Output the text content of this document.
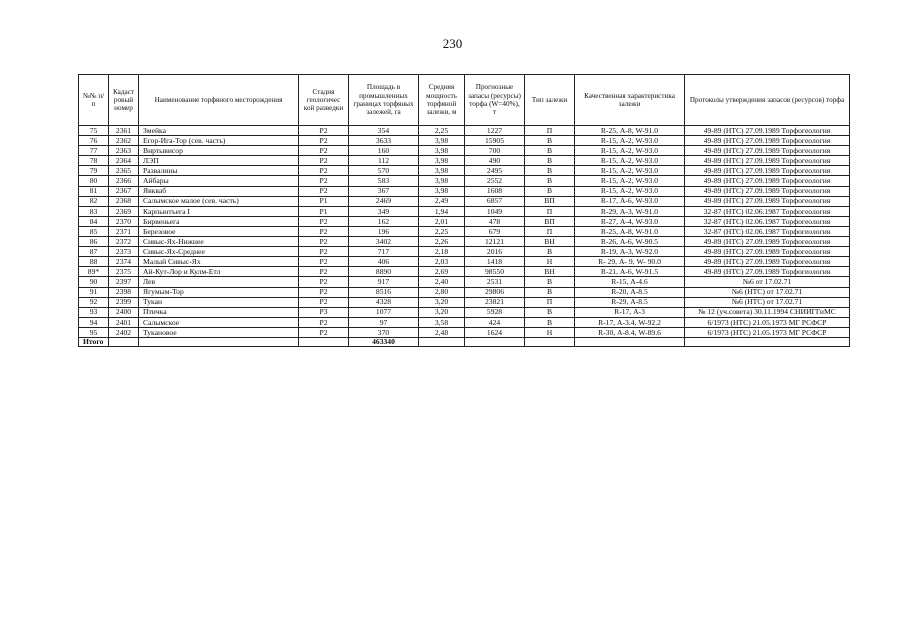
230
№№ п/п	Кадаст ровый номер	Наименование торфяного месторождения	Стадия геологичес кой разведки	Площадь в промышленных границах торфяных залежей, га	Средняя мощность торфяной залежи, м	Прогнозные запасы (ресурсы) торфа (W=40%), т	Тип залежи	Качественная характеристика залежи	Протоколы утверждения запасов (ресурсов) торфа
75	2361	Змейка	Р2	354	2,25	1227	П	R-25, А-8, W-91.0	49-89 (НТС) 27.09.1989 Торфогеология
76	2362	Егор-Ига-Тор (сев. часть)	Р2	3633	3,98	15905	В	R-15, А-2, W-93.0	49-89 (НТС) 27.09.1989 Торфогеология
77	2363	Виртывисор	Р2	160	3,98	700	В	R-15, А-2, W-93.0	49-89 (НТС) 27.09.1989 Торфогеология
78	2364	ЛЭП	Р2	112	3,98	490	В	R-15, А-2, W-93.0	49-89 (НТС) 27.09.1989 Торфогеология
79	2365	Развалины	Р2	570	3,98	2495	В	R-15, А-2, W-93.0	49-89 (НТС) 27.09.1989 Торфогеология
80	2366	Айбары	Р2	583	3,98	2552	В	R-15, А-2, W-93.0	49-89 (НТС) 27.09.1989 Торфогеология
81	2367	Явкваб	Р2	367	3,98	1608	В	R-15, А-2, W-93.0	49-89 (НТС) 27.09.1989 Торфогеология
82	2368	Салымское малое (сев. часть)	Р1	2469	2,49	6857	ВП	R-17, А-6, W-93.0	49-89 (НТС) 27.09.1989 Торфогеология
83	2369	Карпынтъега I	Р1	349	1,94	1049	П	R-29, А-3, W-91.0	32-87 (НТС) 02.06.1987 Торфогеология
84	2370	Бирвеньега	Р2	162	2,01	478	ВП	R-27, А-4, W-93.0	32-87 (НТС) 02.06.1987 Торфогеология
85	2371	Березовое	Р2	196	2,25	679	П	R-25, А-8, W-91.0	32-87 (НТС) 02.06.1987 Торфогеология
86	2372	Сивыс-Ях-Нижнее	Р2	3402	2,26	12121	ВН	R-26, А-6, W-90.5	49-89 (НТС) 27.09.1989 Торфогеология
87	2373	Сивыс-Ях-Среднее	Р2	717	2,18	2016	В	R-19, А-3, W-92.0	49-89 (НТС) 27.09.1989 Торфогеология
88	2374	Малый Сивыс-Ях	Р2	406	2,03	1418	Н	R- 29, А- 9, W- 90.0	49-89 (НТС) 27.09.1989 Торфогеология
89*	2375	Ай-Кут-Лор и Кулм-Етл	Р2	8890	2,69	98550	ВН	R-21, А-6, W-91.5	49-89 (НТС) 27.09.1989 Торфогеология
90	2397	Лев	Р2	917	2,40	2531	В	R-15, А-4.6	№6 от 17.02.71
91	2398	Ягумым-Тор	Р2	8516	2,80	29806	В	R-20, А-8.5	№6 (НТС) от 17.02.71
92	2399	Тукан	Р2	4328	3,20	23821	П	R-29, А-8.5	№6 (НТС) от 17.02.71
93	2400	Птичка	Р3	1077	3,20	5928	В	R-17, А-3	№ 12 (уч.совета) 30.11.1994 СНИИГГиМС
94	2401	Салымское	Р2	97	3,58	424	В	R-17, А-3.4, W-92.2	6/1973 (НТС) 21.05.1973 МГ РСФСР
95	2402	Тукановое	Р2	370	2,48	1624	Н	R-30, А-8.4, W-89.6	6/1973 (НТС) 21.05.1973 МГ РСФСР
Итого				463340					
